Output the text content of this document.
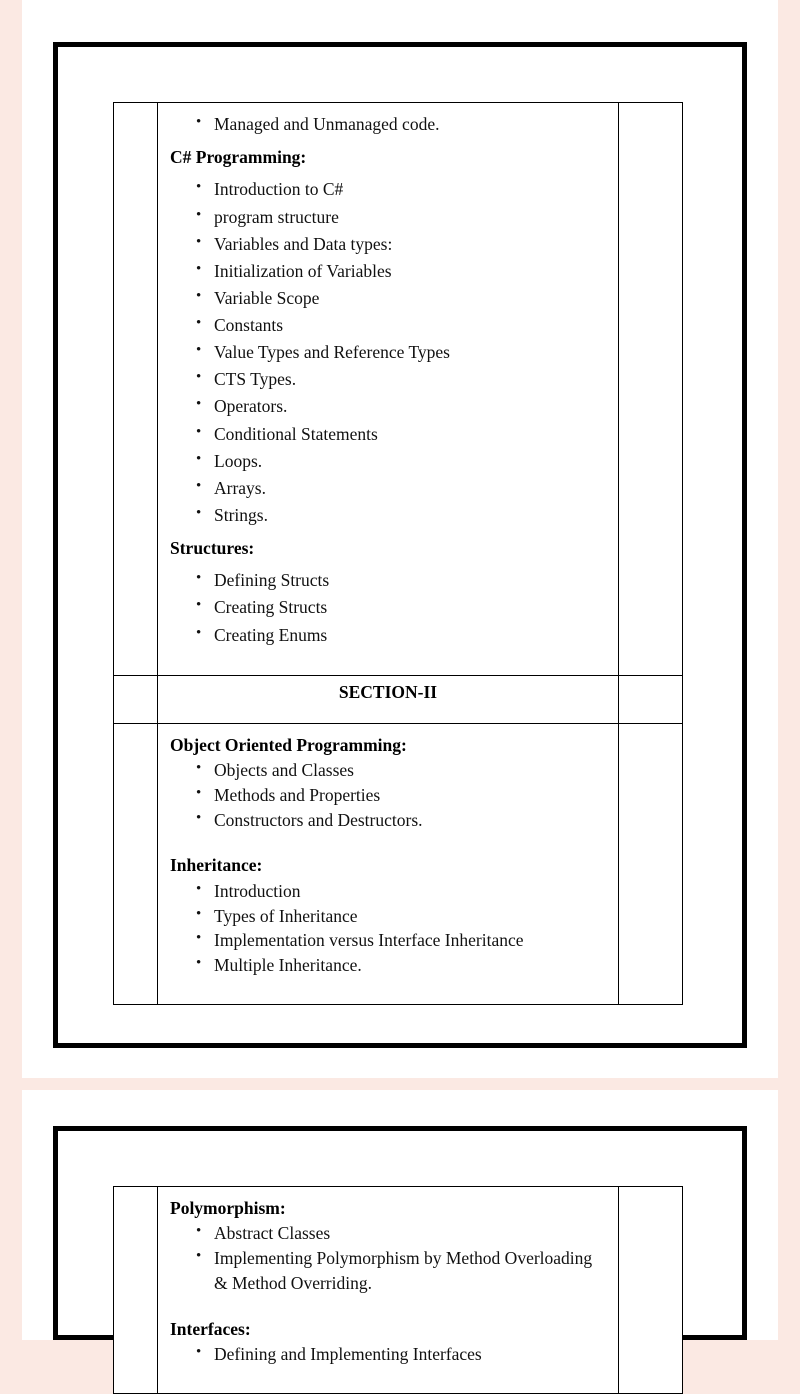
• Managed and Unmanaged code.
C# Programming:
• Introduction to C#
• program structure
• Variables and Data types:
• Initialization of Variables
• Variable Scope
• Constants
• Value Types and Reference Types
• CTS Types.
• Operators.
• Conditional Statements
• Loops.
• Arrays.
• Strings.
Structures:
• Defining Structs
• Creating Structs
• Creating Enums

	SECTION-II	

Object Oriented Programming:
• Objects and Classes
• Methods and Properties
• Constructors and Destructors.
Inheritance:
• Introduction
• Types of Inheritance
• Implementation versus Interface Inheritance
• Multiple Inheritance.

Polymorphism:
• Abstract Classes
• Implementing Polymorphism by Method Overloading & Method Overriding.
Interfaces:
• Defining and Implementing Interfaces
